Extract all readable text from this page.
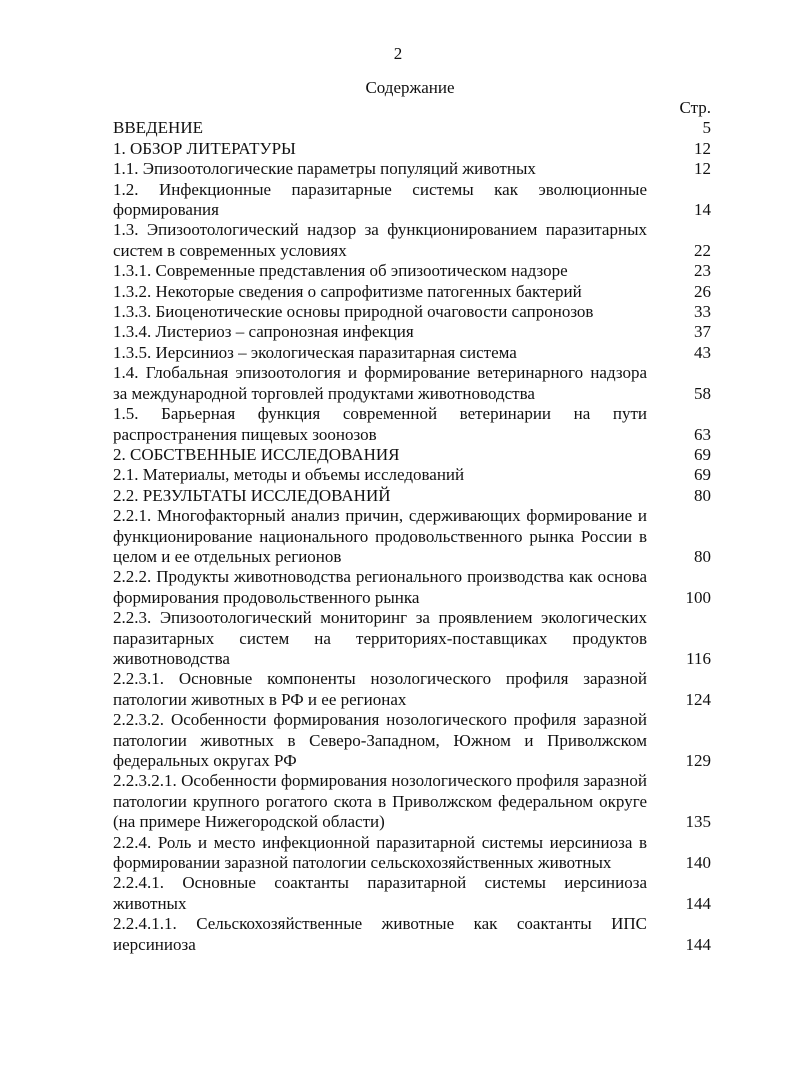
2
Содержание
Стр.
ВВЕДЕНИЕ	5
1. ОБЗОР ЛИТЕРАТУРЫ	12
1.1. Эпизоотологические параметры популяций животных	12
1.2. Инфекционные паразитарные системы как эволюционные формирования	14
1.3. Эпизоотологический надзор за функционированием паразитарных систем в современных условиях	22
1.3.1. Современные представления об эпизоотическом надзоре	23
1.3.2. Некоторые сведения о сапрофитизме патогенных бактерий	26
1.3.3. Биоценотические основы природной очаговости сапронозов	33
1.3.4. Листериоз – сапронозная инфекция	37
1.3.5. Иерсиниоз – экологическая паразитарная система	43
1.4. Глобальная эпизоотология и формирование ветеринарного надзора за международной торговлей продуктами животноводства	58
1.5. Барьерная функция современной ветеринарии на пути распространения пищевых зоонозов	63
2. СОБСТВЕННЫЕ ИССЛЕДОВАНИЯ	69
2.1. Материалы, методы и объемы исследований	69
2.2. РЕЗУЛЬТАТЫ ИССЛЕДОВАНИЙ	80
2.2.1. Многофакторный анализ причин, сдерживающих формирование и функционирование национального продовольственного рынка России в целом и ее отдельных регионов	80
2.2.2. Продукты животноводства регионального производства как основа формирования продовольственного рынка	100
2.2.3. Эпизоотологический мониторинг за проявлением экологических паразитарных систем на территориях-поставщиках продуктов животноводства	116
2.2.3.1. Основные компоненты нозологического профиля заразной патологии животных в РФ и ее регионах	124
2.2.3.2. Особенности формирования нозологического профиля заразной патологии животных в Северо-Западном, Южном и Приволжском федеральных округах РФ	129
2.2.3.2.1. Особенности формирования нозологического профиля заразной патологии крупного рогатого скота в Приволжском федеральном округе (на примере Нижегородской области)	135
2.2.4. Роль и место инфекционной паразитарной системы иерсиниоза в формировании заразной патологии сельскохозяйственных животных	140
2.2.4.1. Основные соактанты паразитарной системы иерсиниоза животных	144
2.2.4.1.1. Сельскохозяйственные животные как соактанты ИПС иерсиниоза	144
